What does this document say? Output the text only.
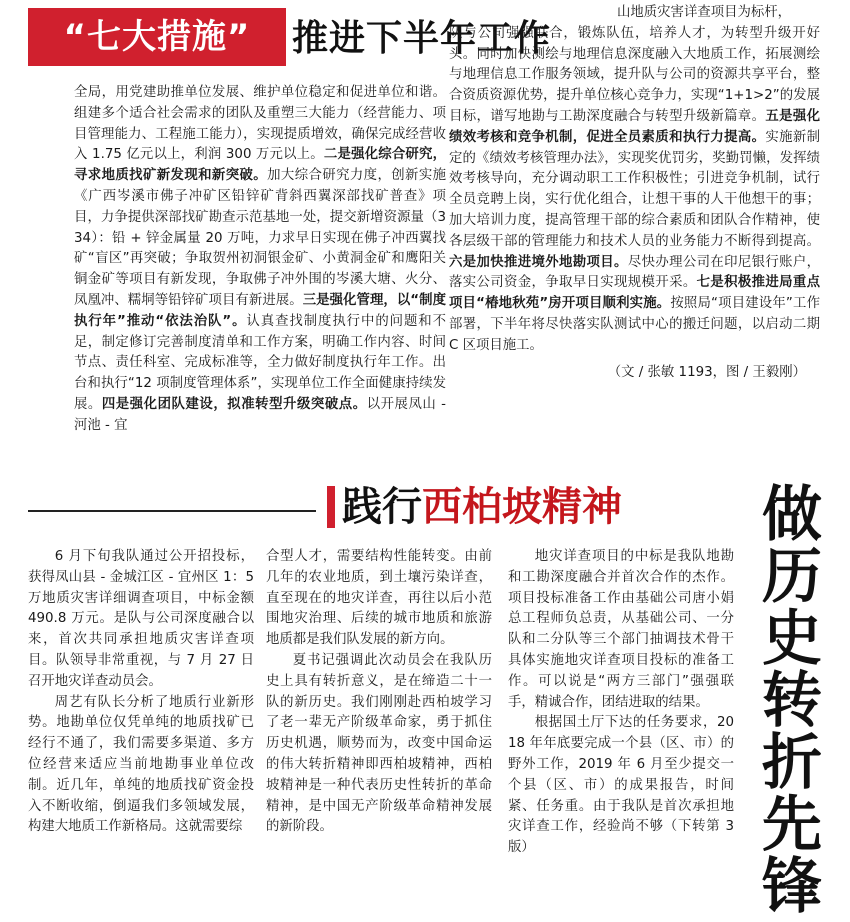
“七大措施”	推进下半年工作

全局，用党建助推单位发展、维护单位稳定和促进单位和谐。组建多个适合社会需求的团队及重塑三大能力（经营能力、项目管理能力、工程施工能力），实现提质增效，确保完成经营收入 1.75 亿元以上，利润 300 万元以上。二是强化综合研究，寻求地质找矿新发现和新突破。加大综合研究力度，创新实施《广西岑溪市佛子冲矿区铅锌矿背斜西翼深部找矿普查》项目，力争提供深部找矿勘查示范基地一处，提交新增资源量（334）：铅 + 锌金属量 20 万吨，力求早日实现在佛子冲西翼找矿“盲区”再突破；争取贺州初洞银金矿、小黄洞金矿和鹰阳关铜金矿等项目有新发现，争取佛子冲外围的岑溪大塘、火分、凤凰冲、糯垌等铅锌矿项目有新进展。三是强化管理，以“制度执行年”推动“依法治队”。认真查找制度执行中的问题和不足，制定修订完善制度清单和工作方案，明确工作内容、时间节点、责任科室、完成标准等，全力做好制度执行年工作。出台和执行“12 项制度管理体系”，实现单位工作全面健康持续发展。四是强化团队建设，拟准转型升级突破点。以开展凤山 - 河池 - 宜

山地质灾害详查项目为标杆，

队与公司强强联合，锻炼队伍，培养人才，为转型升级开好头。同时加快测绘与地理信息深度融入大地质工作，拓展测绘与地理信息工作服务领域，提升队与公司的资源共享平台，整合资质资源优势，提升单位核心竞争力，实现“1+1>2”的发展目标，谱写地勘与工勘深度融合与转型升级新篇章。五是强化绩效考核和竞争机制，促进全员素质和执行力提高。实施新制定的《绩效考核管理办法》，实现奖优罚劣，奖勤罚懒，发挥绩效考核导向，充分调动职工工作积极性；引进竞争机制，试行全员竞聘上岗，实行优化组合，让想干事的人干他想干的事；加大培训力度，提高管理干部的综合素质和团队合作精神，使各层级干部的管理能力和技术人员的业务能力不断得到提高。六是加快推进境外地勘项目。尽快办理公司在印尼银行账户，落实公司资金，争取早日实现规模开采。七是积极推进局重点项目“椿地秋苑”房开项目顺利实施。按照局“项目建设年”工作部署，下半年将尽快落实队测试中心的搬迁问题，以启动二期 C 区项目施工。

（文 / 张敏 1193，图 / 王毅刚）

践行西柏坡精神 做历史转折先锋

6 月下旬我队通过公开招投标，获得凤山县 - 金城江区 - 宜州区 1：5 万地质灾害详细调查项目，中标金额 490.8 万元。是队与公司深度融合以来，首次共同承担地质灾害详查项目。队领导非常重视，与 7 月 27 日召开地灾详查动员会。

周艺有队长分析了地质行业新形势。地勘单位仅凭单纯的地质找矿已经行不通了，我们需要多渠道、多方位经营来适应当前地勘事业单位改制。近几年，单纯的地质找矿资金投入不断收缩，倒逼我们多领域发展，构建大地质工作新格局。这就需要综

合型人才，需要结构性能转变。由前几年的农业地质，到土壤污染详查，直至现在的地灾详查，再往以后小范围地灾治理、后续的城市地质和旅游地质都是我们队发展的新方向。

夏书记强调此次动员会在我队历史上具有转折意义，是在缔造二十一队的新历史。我们刚刚赴西柏坡学习了老一辈无产阶级革命家，勇于抓住历史机遇，顺势而为，改变中国命运的伟大转折精神即西柏坡精神，西柏坡精神是一种代表历史性转折的革命精神，是中国无产阶级革命精神发展的新阶段。

地灾详查项目的中标是我队地勘和工勘深度融合并首次合作的杰作。项目投标准备工作由基础公司唐小娟总工程师负总责，从基础公司、一分队和二分队等三个部门抽调技术骨干具体实施地灾详查项目投标的准备工作。可以说是“两方三部门”强强联手，精诚合作，团结进取的结果。

根据国土厅下达的任务要求，2018 年年底要完成一个县（区、市）的野外工作，2019 年 6 月至少提交一个县（区、市）的成果报告，时间紧、任务重。由于我队是首次承担地灾详查工作，经验尚不够（下转第 3 版）
